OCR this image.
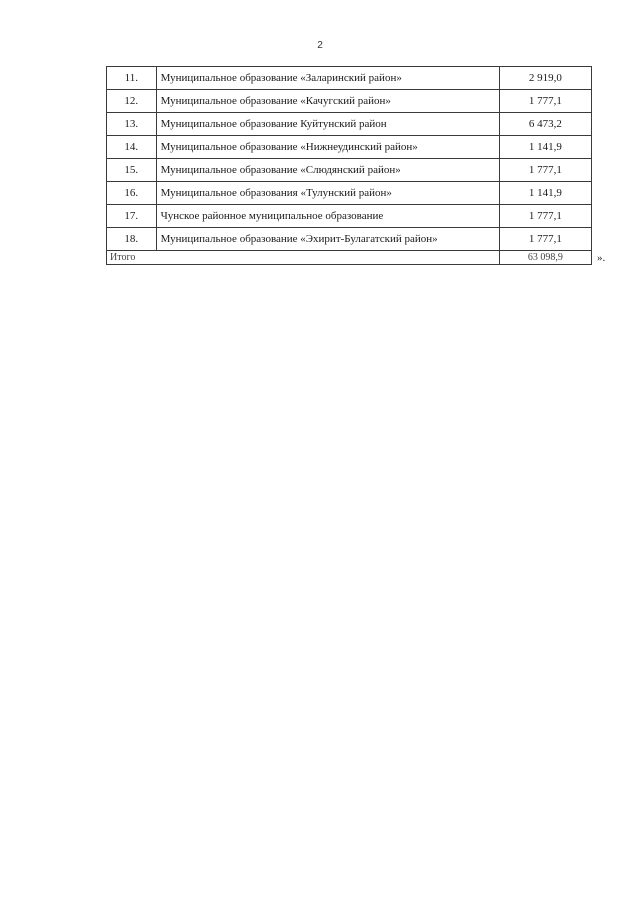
2
11.	Муниципальное образование «Заларинский район»	2 919,0
12.	Муниципальное образование «Качугский район»	1 777,1
13.	Муниципальное образование Куйтунский район	6 473,2
14.	Муниципальное образование «Нижнеудинский район»	1 141,9
15.	Муниципальное образование «Слюдянский район»	1 777,1
16.	Муниципальное образования «Тулунский район»	1 141,9
17.	Чунское районное муниципальное образование	1 777,1
18.	Муниципальное образование «Эхирит-Булагатский район»	1 777,1
Итого		63 098,9	».
